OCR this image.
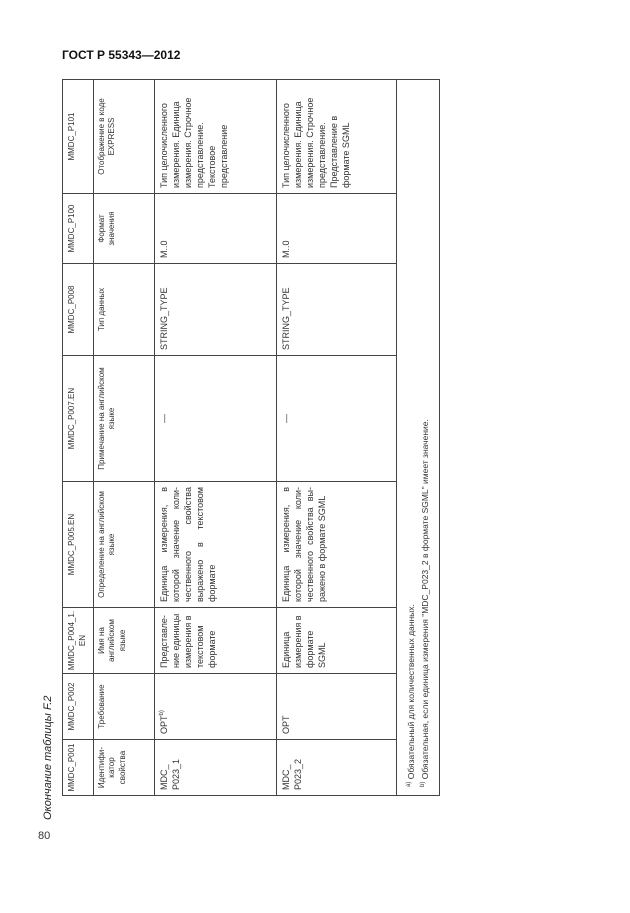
ГОСТ Р 55343—2012
Окончание таблицы F.2 MMDC_P001	MMDC_P002	MMDC_P004_1.EN	MMDC_P005.EN	MMDC_P007.EN	MMDC_P008	MMDC_P100	MMDC_P101
Идентифи-катор свойства	Требование	Имя на английском языке	Определение на английском языке	Примечание на английском языке	Тип данных	Формат значения	Отображение в коде EXPRESS
MDC_ P023_1	OPT$^{b)}$	Представле-ние единицы измерения в текстовом формате	Единица измерения, в которой значение коли-чественного свойства выражено в текстовом формате	—	STRING_TYPE	M..0	Тип целочисленного измерения. Единица измерения. Строчное представление. Текстовое представление
MDC_ P023_2	OPT	Единица измерения в формате SGML	Единица измерения, в которой значение коли-чественного свойства вы-ражено в формате SGML	—	STRING_TYPE	M..0	Тип целочисленного измерения. Единица измерения. Строчное представление. Представление в формате SGML

$^{a)}$ Обязательный для количественных данных.
$^{b)}$ Обязательная, если единица измерения "MDC_P023_2 в формате SGML" имеет значение.							
80
